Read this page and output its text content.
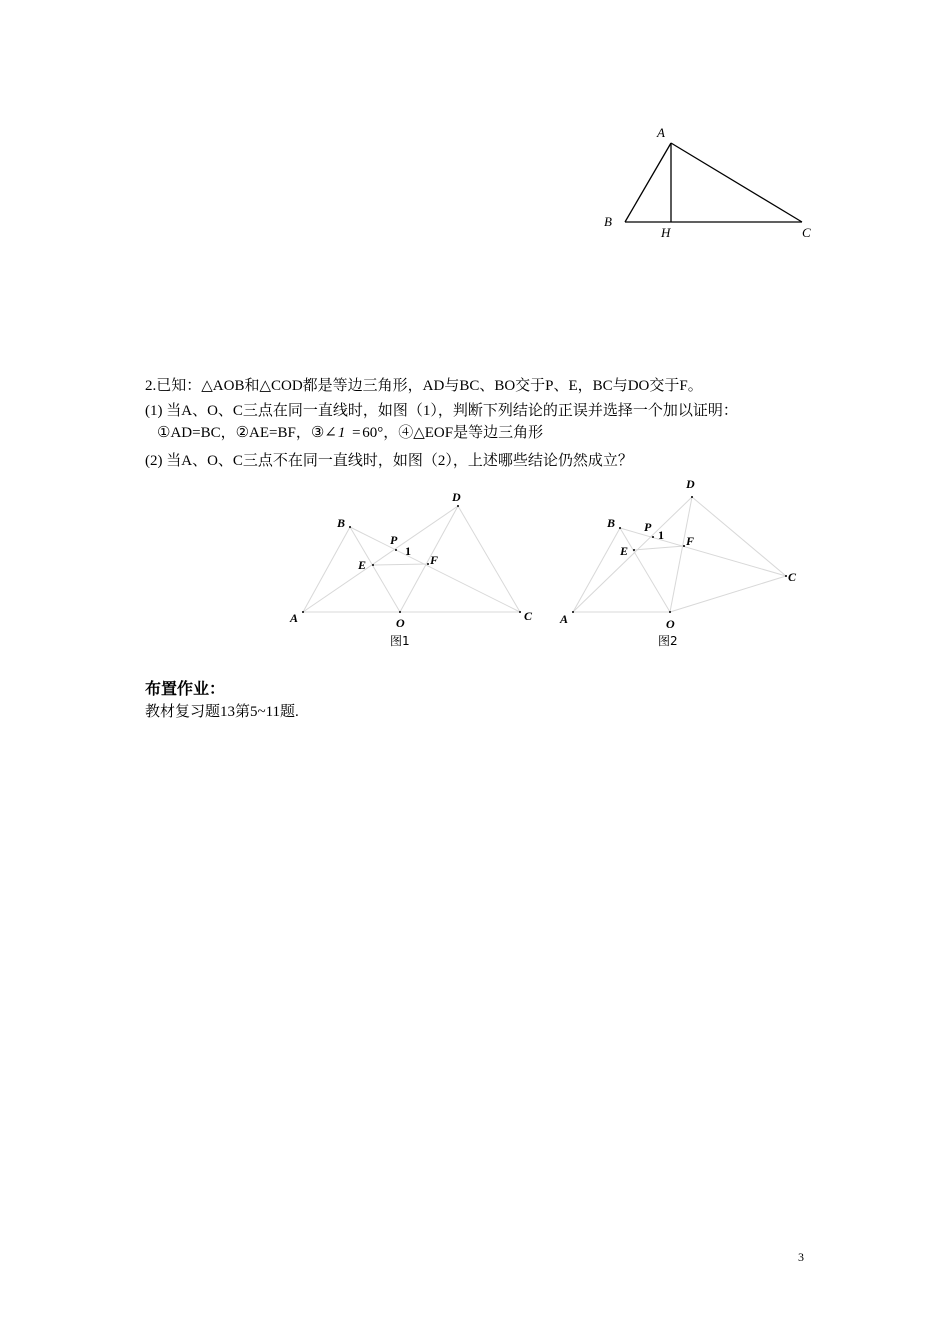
A
B
H	C
2.已知：△AOB和△COD都是等边三角形，AD与BC、BO交于P、E，BC与DO交于F。
(1) 当A、O、C三点在同一直线时，如图（1），判断下列结论的正误并选择一个加以证明：
①AD=BC，②AE=BF，③∠1 =60°，④△EOF是等边三角形
(2) 当A、O、C三点不在同一直线时，如图（2），上述哪些结论仍然成立？
A
B
D
P
1
E	F
O	C
图1
A
B
D
P
1
E
F
O
C
图2
布置作业：
教材复习题13第5~11题.
3
